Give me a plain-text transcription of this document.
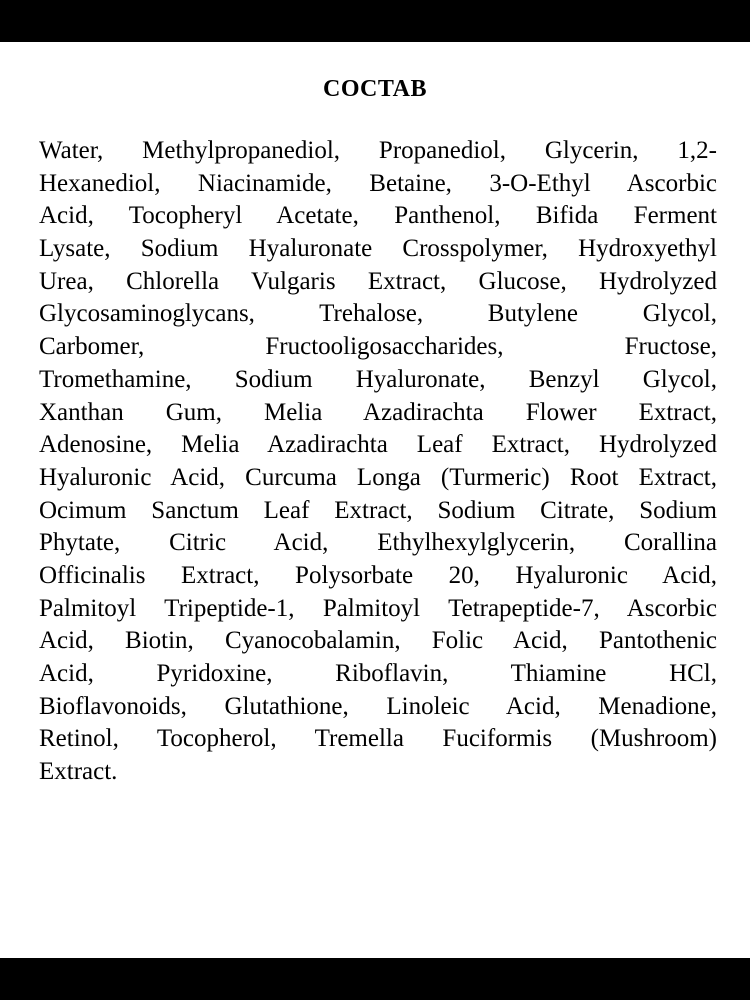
COCTAB
Water, Methylpropanediol, Propanediol, Glycerin, 1,2-
Hexanediol, Niacinamide, Betaine, 3-O-Ethyl Ascorbic
Acid, Tocopheryl Acetate, Panthenol, Bifida Ferment
Lysate, Sodium Hyaluronate Crosspolymer, Hydroxyethyl
Urea, Chlorella Vulgaris Extract, Glucose, Hydrolyzed
Glycosaminoglycans, Trehalose, Butylene Glycol,
Carbomer, Fructooligosaccharides, Fructose,
Tromethamine, Sodium Hyaluronate, Benzyl Glycol,
Xanthan Gum, Melia Azadirachta Flower Extract,
Adenosine, Melia Azadirachta Leaf Extract, Hydrolyzed
Hyaluronic Acid, Curcuma Longa (Turmeric) Root Extract,
Ocimum Sanctum Leaf Extract, Sodium Citrate, Sodium
Phytate, Citric Acid, Ethylhexylglycerin, Corallina
Officinalis Extract, Polysorbate 20, Hyaluronic Acid,
Palmitoyl Tripeptide-1, Palmitoyl Tetrapeptide-7, Ascorbic
Acid, Biotin, Cyanocobalamin, Folic Acid, Pantothenic
Acid, Pyridoxine, Riboflavin, Thiamine HCl,
Bioflavonoids, Glutathione, Linoleic Acid, Menadione,
Retinol, Tocopherol, Tremella Fuciformis (Mushroom)
Extract.
